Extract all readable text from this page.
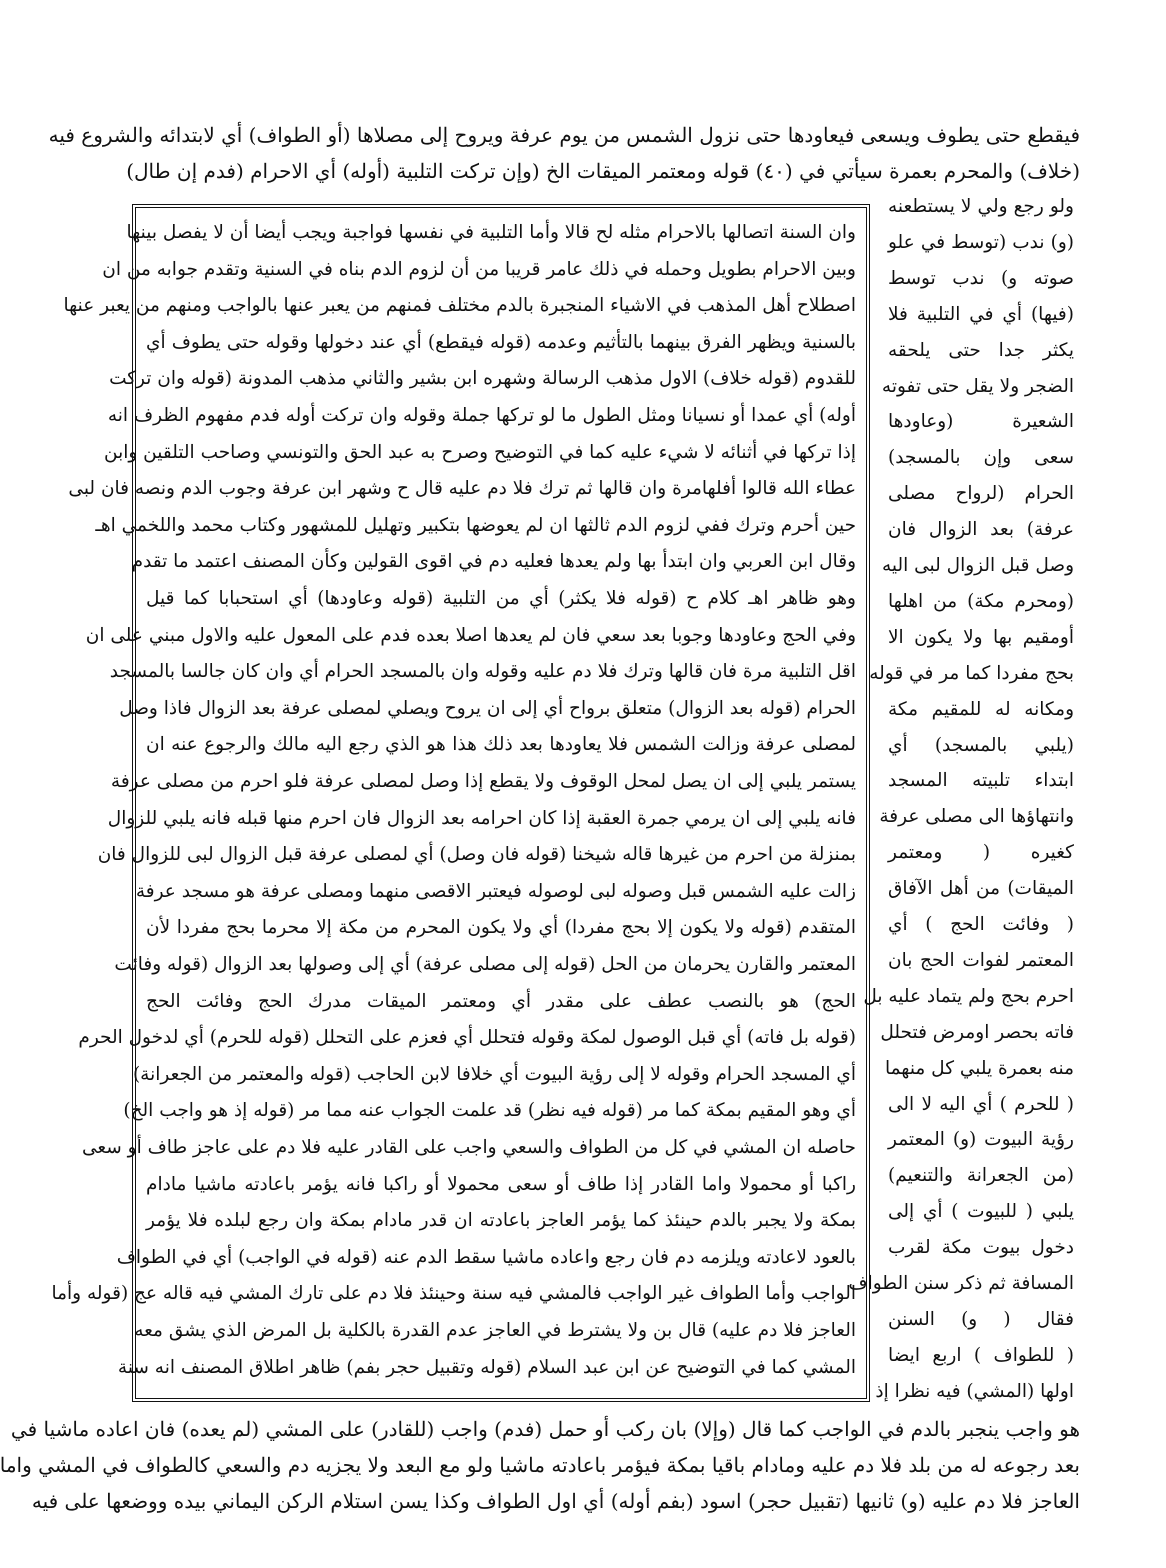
وان السنة اتصالها بالاحرام مثله لح قالا وأما التلبية في نفسها فواجبة ويجب أيضا أن لا يفصل بينها
وبين الاحرام بطويل وحمله في ذلك عامر قريبا من أن لزوم الدم بناه في السنية وتقدم جوابه من ان
اصطلاح أهل المذهب في الاشياء المنجبرة بالدم مختلف فمنهم من يعبر عنها بالواجب ومنهم من يعبر عنها
بالسنية ويظهر الفرق بينهما بالتأثيم وعدمه (قوله فيقطع) أي عند دخولها وقوله حتى يطوف أي
للقدوم (قوله خلاف) الاول مذهب الرسالة وشهره ابن بشير والثاني مذهب المدونة (قوله وان تركت
أوله) أي عمدا أو نسيانا ومثل الطول ما لو تركها جملة وقوله وان تركت أوله فدم مفهوم الظرف انه
إذا تركها في أثنائه لا شيء عليه كما في التوضيح وصرح به عبد الحق والتونسي وصاحب التلقين وابن
عطاء الله قالوا أفلهامرة وان قالها ثم ترك فلا دم عليه قال ح وشهر ابن عرفة وجوب الدم ونصه فان لبى
حين أحرم وترك ففي لزوم الدم ثالثها ان لم يعوضها بتكبير وتهليل للمشهور وكتاب محمد واللخمي اهـ
وقال ابن العربي وان ابتدأ بها ولم يعدها فعليه دم في اقوى القولين وكأن المصنف اعتمد ما تقدم
وهو ظاهر اهـ كلام ح (قوله فلا يكثر) أي من التلبية (قوله وعاودها) أي استحبابا كما قيل
وفي الحج وعاودها وجوبا بعد سعي فان لم يعدها اصلا بعده فدم على المعول عليه والاول مبني على ان
اقل التلبية مرة فان قالها وترك فلا دم عليه وقوله وان بالمسجد الحرام أي وان كان جالسا بالمسجد
الحرام (قوله بعد الزوال) متعلق برواح أي إلى ان يروح ويصلي لمصلى عرفة بعد الزوال فاذا وصل
لمصلى عرفة وزالت الشمس فلا يعاودها بعد ذلك هذا هو الذي رجع اليه مالك والرجوع عنه ان
يستمر يلبي إلى ان يصل لمحل الوقوف ولا يقطع إذا وصل لمصلى عرفة فلو احرم من مصلى عرفة
فانه يلبي إلى ان يرمي جمرة العقبة إذا كان احرامه بعد الزوال فان احرم منها قبله فانه يلبي للزوال
بمنزلة من احرم من غيرها قاله شيخنا (قوله فان وصل) أي لمصلى عرفة قبل الزوال لبى للزوال فان
زالت عليه الشمس قبل وصوله لبى لوصوله فيعتبر الاقصى منهما ومصلى عرفة هو مسجد عرفة
المتقدم (قوله ولا يكون إلا بحج مفردا) أي ولا يكون المحرم من مكة إلا محرما بحج مفردا لأن
المعتمر والقارن يحرمان من الحل (قوله إلى مصلى عرفة) أي إلى وصولها بعد الزوال (قوله وفائت
الحج) هو بالنصب عطف على مقدر أي ومعتمر الميقات مدرك الحج وفائت الحج
(قوله بل فاته) أي قبل الوصول لمكة وقوله فتحلل أي فعزم على التحلل (قوله للحرم) أي لدخول الحرم
أي المسجد الحرام وقوله لا إلى رؤية البيوت أي خلافا لابن الحاجب (قوله والمعتمر من الجعرانة)
أي وهو المقيم بمكة كما مر (قوله فيه نظر) قد علمت الجواب عنه مما مر (قوله إذ هو واجب الخ)
حاصله ان المشي في كل من الطواف والسعي واجب على القادر عليه فلا دم على عاجز طاف أو سعى
راكبا أو محمولا واما القادر إذا طاف أو سعى محمولا أو راكبا فانه يؤمر باعادته ماشيا مادام
بمكة ولا يجبر بالدم حينئذ كما يؤمر العاجز باعادته ان قدر مادام بمكة وان رجع لبلده فلا يؤمر
بالعود لاعادته ويلزمه دم فان رجع واعاده ماشيا سقط الدم عنه (قوله في الواجب) أي في الطواف
الواجب وأما الطواف غير الواجب فالمشي فيه سنة وحينئذ فلا دم على تارك المشي فيه قاله عج (قوله وأما
العاجز فلا دم عليه) قال بن ولا يشترط في العاجز عدم القدرة بالكلية بل المرض الذي يشق معه
المشي كما في التوضيح عن ابن عبد السلام (قوله وتقبيل حجر بفم) ظاهر اطلاق المصنف انه سنة
ولو رجع ولي لا يستطعنه
(و) ندب (توسط في علو
صوته و) ندب توسط
(فيها) أي في التلبية فلا
يكثر جدا حتى يلحقه
الضجر ولا يقل حتى تفوته
الشعيرة (وعاودها
سعى وإن بالمسجد)
الحرام (لرواح مصلى
عرفة) بعد الزوال فان
وصل قبل الزوال لبى اليه
(ومحرم مكة) من اهلها
أومقيم بها ولا يكون الا
بحج مفردا كما مر في قوله
ومكانه له للمقيم مكة
(يلبي بالمسجد) أي
ابتداء تلبيته المسجد
وانتهاؤها الى مصلى عرفة
كغيره ( ومعتمر
الميقات) من أهل الآفاق
( وفائت الحج ) أي
المعتمر لفوات الحج بان
احرم بحج ولم يتماد عليه بل
فاته بحصر اومرض فتحلل
منه بعمرة يلبي كل منهما
( للحرم ) أي اليه لا الى
رؤية البيوت (و) المعتمر
(من الجعرانة والتنعيم)
يلبي ( للبيوت ) أي إلى
دخول بيوت مكة لقرب
المسافة ثم ذكر سنن الطواف
فقال ( و) السنن
( للطواف ) اربع ايضا
اولها (المشي) فيه نظرا إذ
فيقطع حتى يطوف ويسعى فيعاودها حتى نزول الشمس من يوم عرفة ويروح إلى مصلاها (أو الطواف) أي لابتدائه والشروع فيه
(خلاف) والمحرم بعمرة سيأتي في (٤٠) قوله ومعتمر الميقات الخ (وإن تركت التلبية (أوله) أي الاحرام (فدم إن طال)
هو واجب ينجبر بالدم في الواجب كما قال (وإلا) بان ركب أو حمل (فدم) واجب (للقادر) على المشي (لم يعده) فان اعاده ماشيا في
بعد رجوعه له من بلد فلا دم عليه ومادام باقيا بمكة فيؤمر باعادته ماشيا ولو مع البعد ولا يجزيه دم والسعي كالطواف في المشي واما
العاجز فلا دم عليه (و) ثانيها (تقبيل حجر) اسود (بفم أوله) أي اول الطواف وكذا يسن استلام الركن اليماني بيده ووضعها على فيه
